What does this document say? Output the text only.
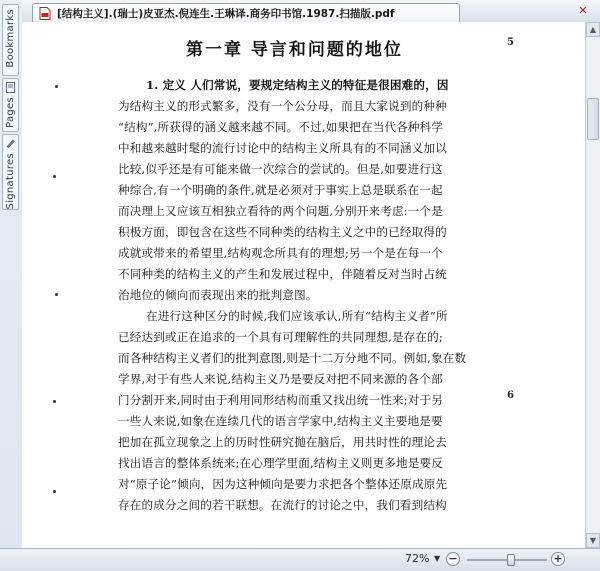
Bookmarks
Pages
Signatures
[结构主义].(瑞士)皮亚杰.倪连生.王琳译.商务印书馆.1987.扫描版.pdf	✕
第一章 导言和问题的地位	5
6
1. 定义 人们常说，要规定结构主义的特征是很困难的，因
为结构主义的形式繁多，没有一个公分母，而且大家说到的种种
“结构”,所获得的涵义越来越不同。不过,如果把在当代各种科学
中和越来越时髦的流行讨论中的结构主义所具有的不同涵义加以
比较,似乎还是有可能来做一次综合的尝试的。但是,如要进行这
种综合,有一个明确的条件,就是必须对于事实上总是联系在一起
而决理上又应该互相独立看待的两个问题,分别开来考虑:一个是
积极方面，即包含在这些不同种类的结构主义之中的已经取得的
成就或带来的希望里,结构观念所具有的理想;另一个是在每一个
不同种类的结构主义的产生和发展过程中，伴随着反对当时占统
治地位的倾向而表现出来的批判意图。
在进行这种区分的时候,我们应该承认,所有“结构主义者”所
已经达到或正在追求的一个具有可理解性的共同理想,是存在的;
而各种结构主义者们的批判意图,则是十二万分地不同。例如,象在数
学界,对于有些人来说,结构主义乃是要反对把不同来源的各个部
门分割开来,同时由于利用同形结构而重又找出统一性来;对于另
一些人来说,如象在连续几代的语言学家中,结构主义主要地是要
把加在孤立现象之上的历时性研究抛在脑后，用共时性的理论去
找出语言的整体系统来;在心理学里面,结构主义则更多地是要反
对“原子论”倾向，因为这种倾向是要力求把各个整体还原成原先
存在的成分之间的若干联想。在流行的讨论之中，我们看到结构
▲
▼
72% ▼ −	+
